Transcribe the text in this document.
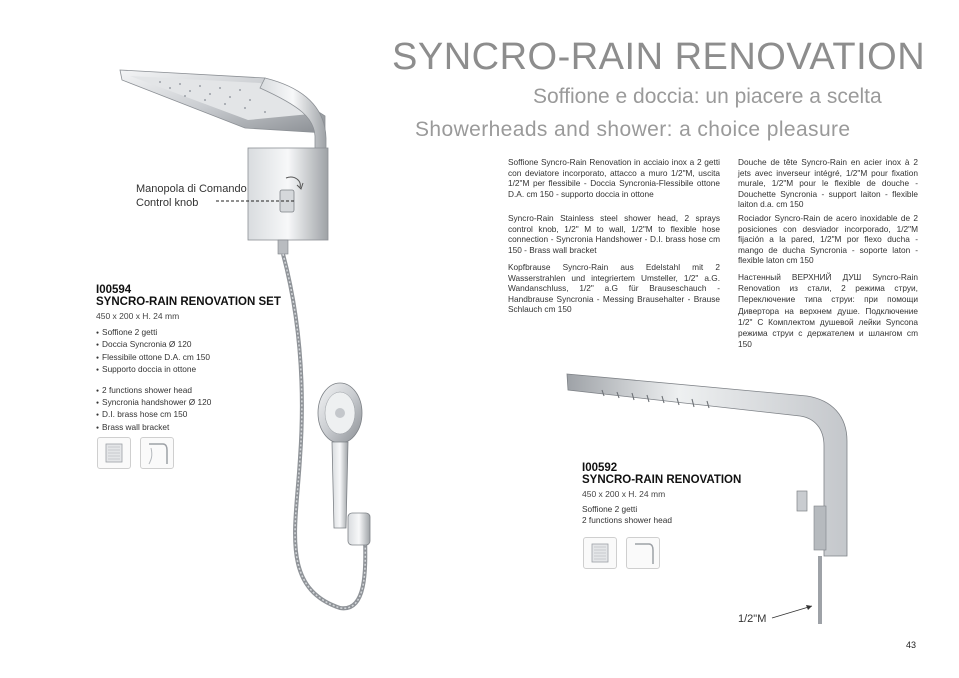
SYNCRO-RAIN RENOVATION
Soffione e doccia: un piacere a scelta
Showerheads and shower: a choice pleasure

Soffione Syncro-Rain Renovation in acciaio inox a 2 getti con deviatore incorporato, attacco a muro 1/2"M, uscita 1/2"M per flessibile - Doccia Syncronia-Flessibile ottone D.A. cm 150 - supporto doccia in ottone

Syncro-Rain Stainless steel shower head, 2 sprays control knob, 1/2" M to wall, 1/2"M to flexible hose connection - Syncronia Handshower - D.I. brass hose cm 150 - Brass wall bracket

Kopfbrause Syncro-Rain aus Edelstahl mit 2 Wasserstrahlen und integriertem Umsteller, 1/2" a.G. Wandanschluss, 1/2" a.G für Brauseschauch - Handbrause Syncronia - Messing Brausehalter - Brause Schlauch cm 150

Douche de tête Syncro-Rain en acier inox à 2 jets avec inverseur intégré, 1/2"M pour fixation murale, 1/2"M pour le flexible de douche - Douchette Syncronia - support laiton - flexible laiton d.a. cm 150

Rociador Syncro-Rain de acero inoxidable de 2 posiciones con desviador incorporado, 1/2"M fijación a la pared, 1/2"M por flexo ducha - mango de ducha Syncronia - soporte laton - flexible laton cm 150

Настенный ВЕРХНИЙ ДУШ Syncro-Rain Renovation из стали, 2 режима струи, Переключение типа струи: при помощи Дивертора на верхнем душе. Подключение 1/2" С Комплектом душевой лейки Syncona режима струи с держателем и шлангом cm 150

Manopola di Comando
Control knob
I00594
SYNCRO-RAIN RENOVATION SET
450 x 200 x H. 24 mm
● Soffione 2 getti
● Doccia Syncronia Ø 120
● Flessibile ottone D.A. cm 150
● Supporto doccia in ottone
● 2 functions shower head
● Syncronia handshower Ø 120
● D.I. brass hose cm 150
● Brass wall bracket
I00592
SYNCRO-RAIN RENOVATION
450 x 200 x H. 24 mm
Soffione 2 getti
2 functions shower head
1/2"M
43
